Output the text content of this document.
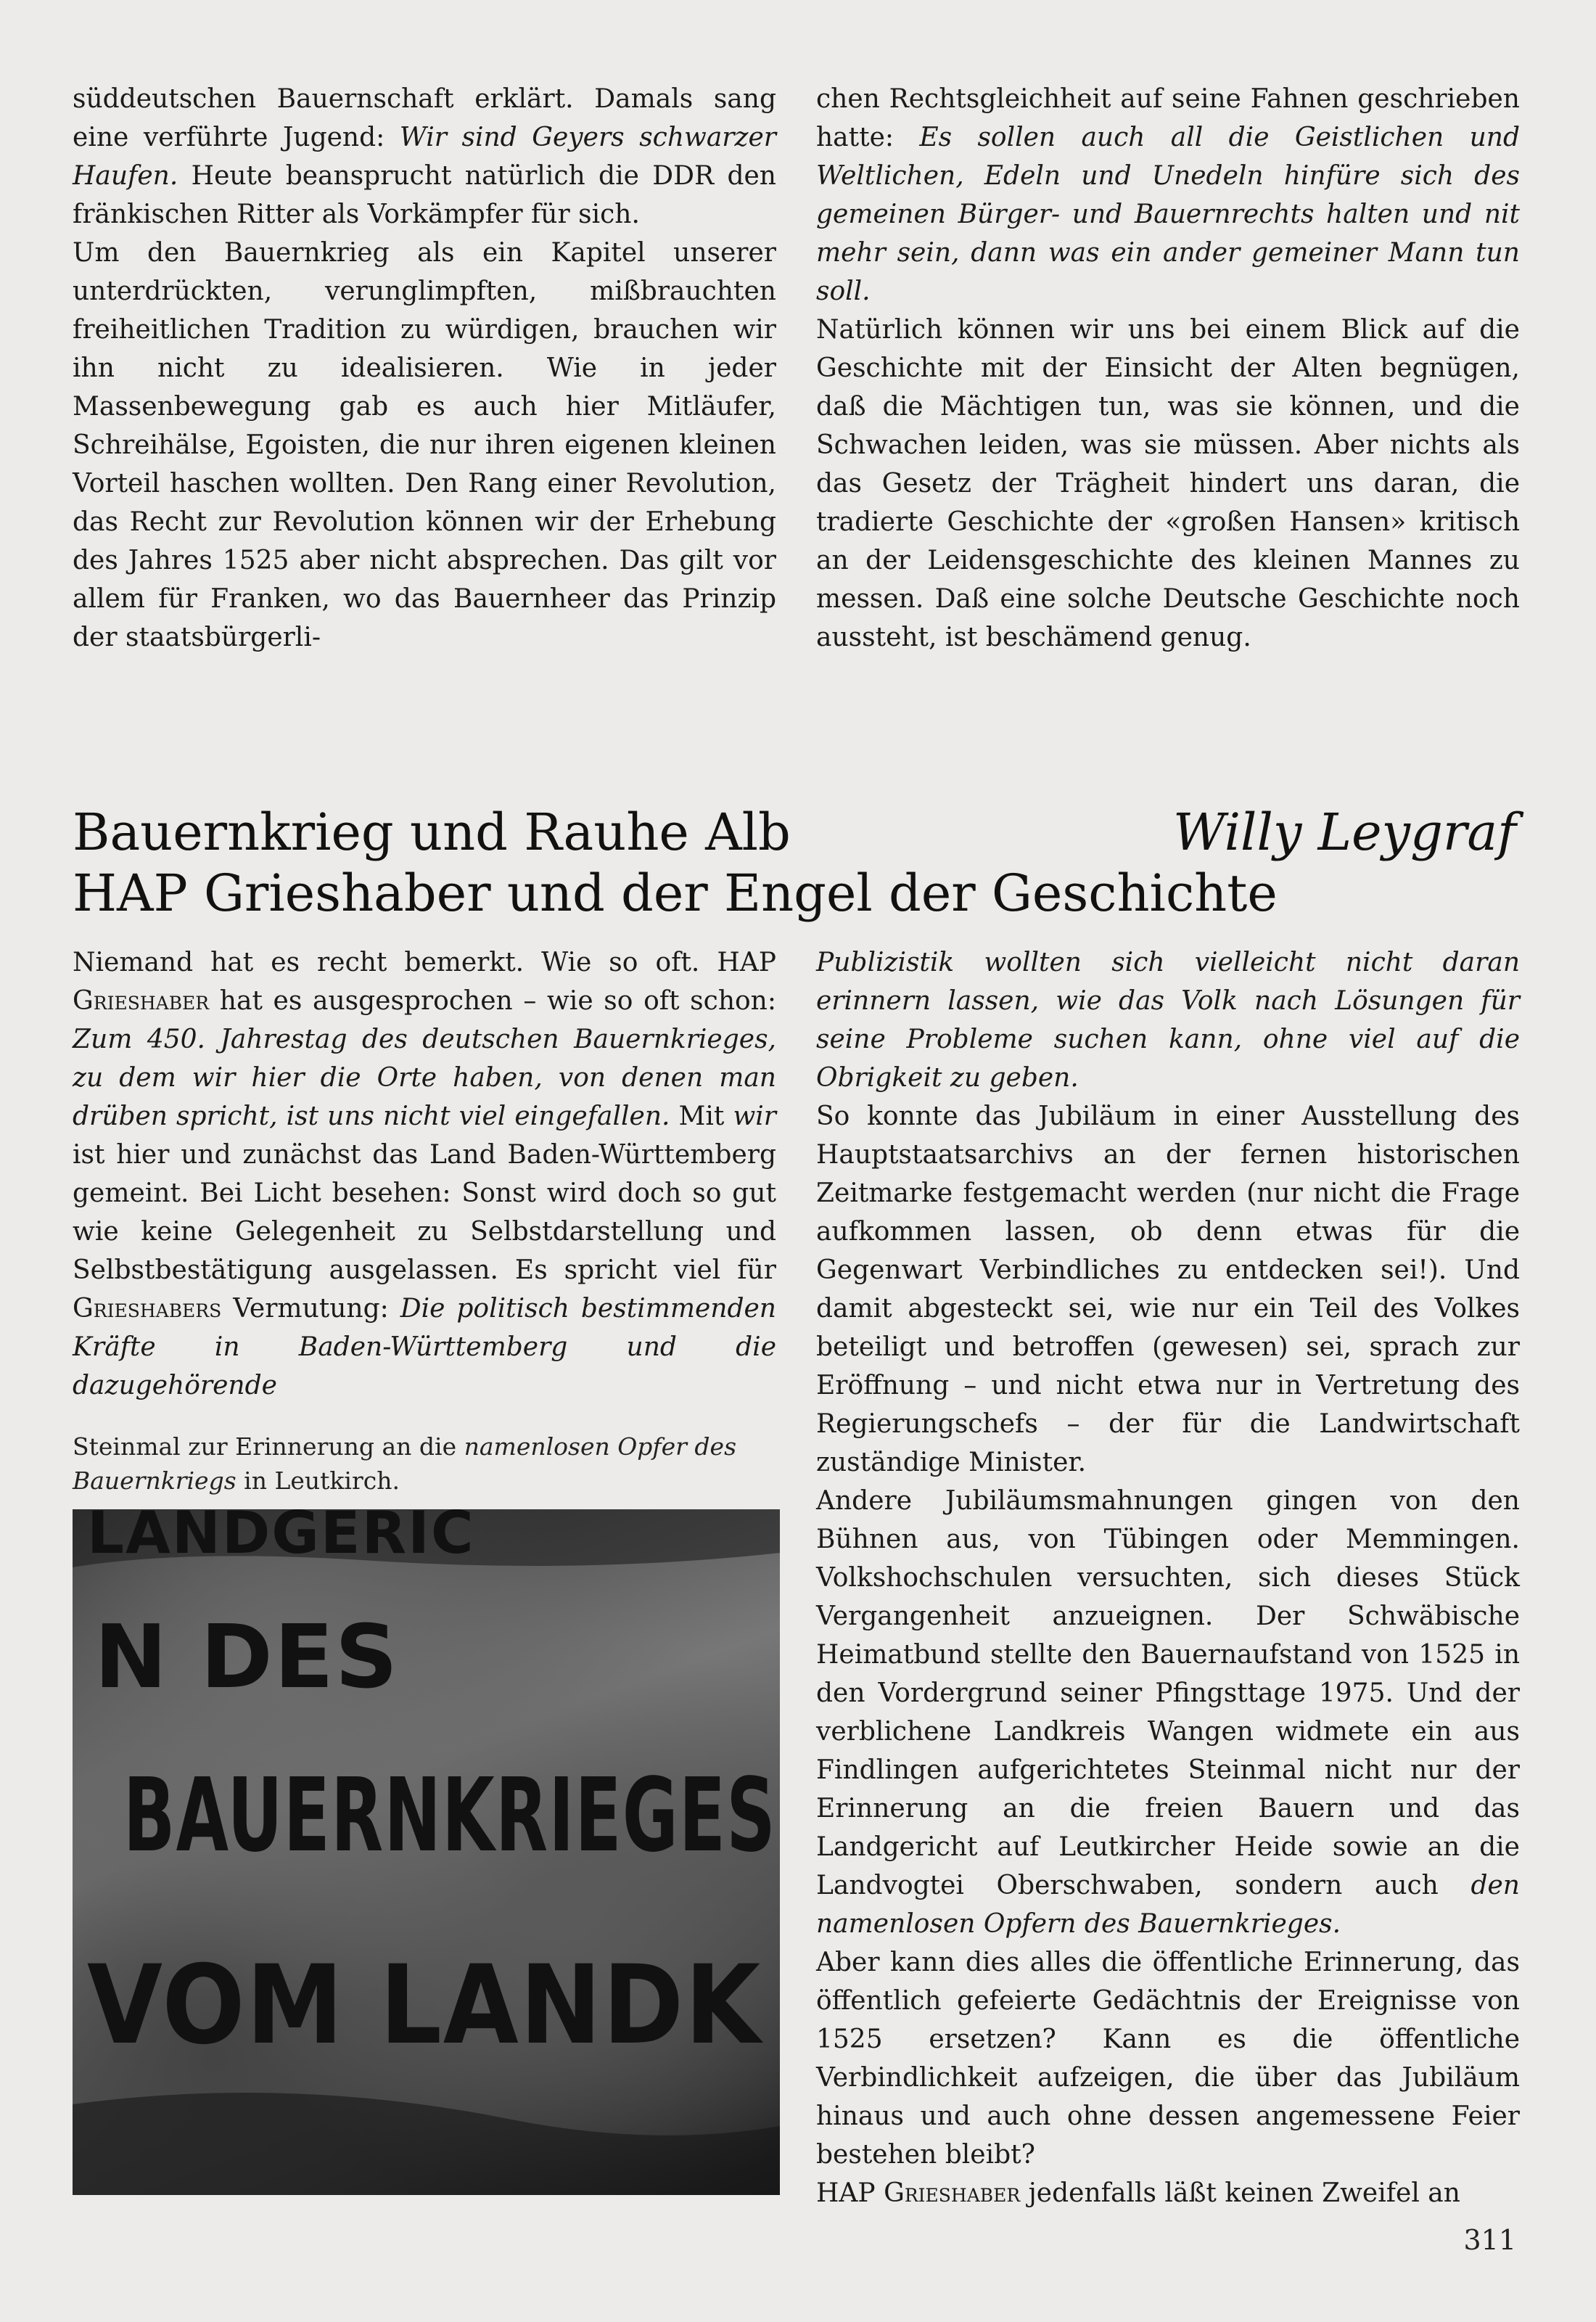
süddeutschen Bauernschaft erklärt. Damals sang eine verführte Jugend: Wir sind Geyers schwarzer Haufen. Heute beansprucht natürlich die DDR den fränkischen Ritter als Vorkämpfer für sich.

Um den Bauernkrieg als ein Kapitel unserer unterdrückten, verunglimpften, mißbrauchten freiheitlichen Tradition zu würdigen, brauchen wir ihn nicht zu idealisieren. Wie in jeder Massenbewegung gab es auch hier Mitläufer, Schreihälse, Egoisten, die nur ihren eigenen kleinen Vorteil haschen wollten. Den Rang einer Revolution, das Recht zur Revolution können wir der Erhebung des Jahres 1525 aber nicht absprechen. Das gilt vor allem für Franken, wo das Bauernheer das Prinzip der staatsbürgerli-

chen Rechtsgleichheit auf seine Fahnen geschrieben hatte: Es sollen auch all die Geistlichen und Weltlichen, Edeln und Unedeln hinfüre sich des gemeinen Bürger- und Bauernrechts halten und nit mehr sein, dann was ein ander gemeiner Mann tun soll.

Natürlich können wir uns bei einem Blick auf die Geschichte mit der Einsicht der Alten begnügen, daß die Mächtigen tun, was sie können, und die Schwachen leiden, was sie müssen. Aber nichts als das Gesetz der Trägheit hindert uns daran, die tradierte Geschichte der «großen Hansen» kritisch an der Leidensgeschichte des kleinen Mannes zu messen. Daß eine solche Deutsche Geschichte noch aussteht, ist beschämend genug.

Bauernkrieg und Rauhe Alb
HAP Grieshaber und der Engel der Geschichte
Willy Leygraf

Niemand hat es recht bemerkt. Wie so oft. HAP Grieshaber hat es ausgesprochen – wie so oft schon: Zum 450. Jahrestag des deutschen Bauernkrieges, zu dem wir hier die Orte haben, von denen man drüben spricht, ist uns nicht viel eingefallen. Mit wir ist hier und zunächst das Land Baden-Württemberg gemeint. Bei Licht besehen: Sonst wird doch so gut wie keine Gelegenheit zu Selbstdarstellung und Selbstbestätigung ausgelassen. Es spricht viel für Grieshabers Vermutung: Die politisch bestimmenden Kräfte in Baden-Württemberg und die dazugehörende

Steinmal zur Erinnerung an die namenlosen Opfer des Bauernkriegs in Leutkirch.
LANDGERIC
N DES
BAUERNKRIEGES
VOM LANDK

Publizistik wollten sich vielleicht nicht daran erinnern lassen, wie das Volk nach Lösungen für seine Probleme suchen kann, ohne viel auf die Obrigkeit zu geben.

So konnte das Jubiläum in einer Ausstellung des Hauptstaatsarchivs an der fernen historischen Zeitmarke festgemacht werden (nur nicht die Frage aufkommen lassen, ob denn etwas für die Gegenwart Verbindliches zu entdecken sei!). Und damit abgesteckt sei, wie nur ein Teil des Volkes beteiligt und betroffen (gewesen) sei, sprach zur Eröffnung – und nicht etwa nur in Vertretung des Regierungschefs – der für die Landwirtschaft zuständige Minister.

Andere Jubiläumsmahnungen gingen von den Bühnen aus, von Tübingen oder Memmingen. Volkshochschulen versuchten, sich dieses Stück Vergangenheit anzueignen. Der Schwäbische Heimatbund stellte den Bauernaufstand von 1525 in den Vordergrund seiner Pfingsttage 1975. Und der verblichene Landkreis Wangen widmete ein aus Findlingen aufgerichtetes Steinmal nicht nur der Erinnerung an die freien Bauern und das Landgericht auf Leutkircher Heide sowie an die Landvogtei Oberschwaben, sondern auch den namenlosen Opfern des Bauernkrieges.

Aber kann dies alles die öffentliche Erinnerung, das öffentlich gefeierte Gedächtnis der Ereignisse von 1525 ersetzen? Kann es die öffentliche Verbindlichkeit aufzeigen, die über das Jubiläum hinaus und auch ohne dessen angemessene Feier bestehen bleibt?

HAP Grieshaber jedenfalls läßt keinen Zweifel an

311
